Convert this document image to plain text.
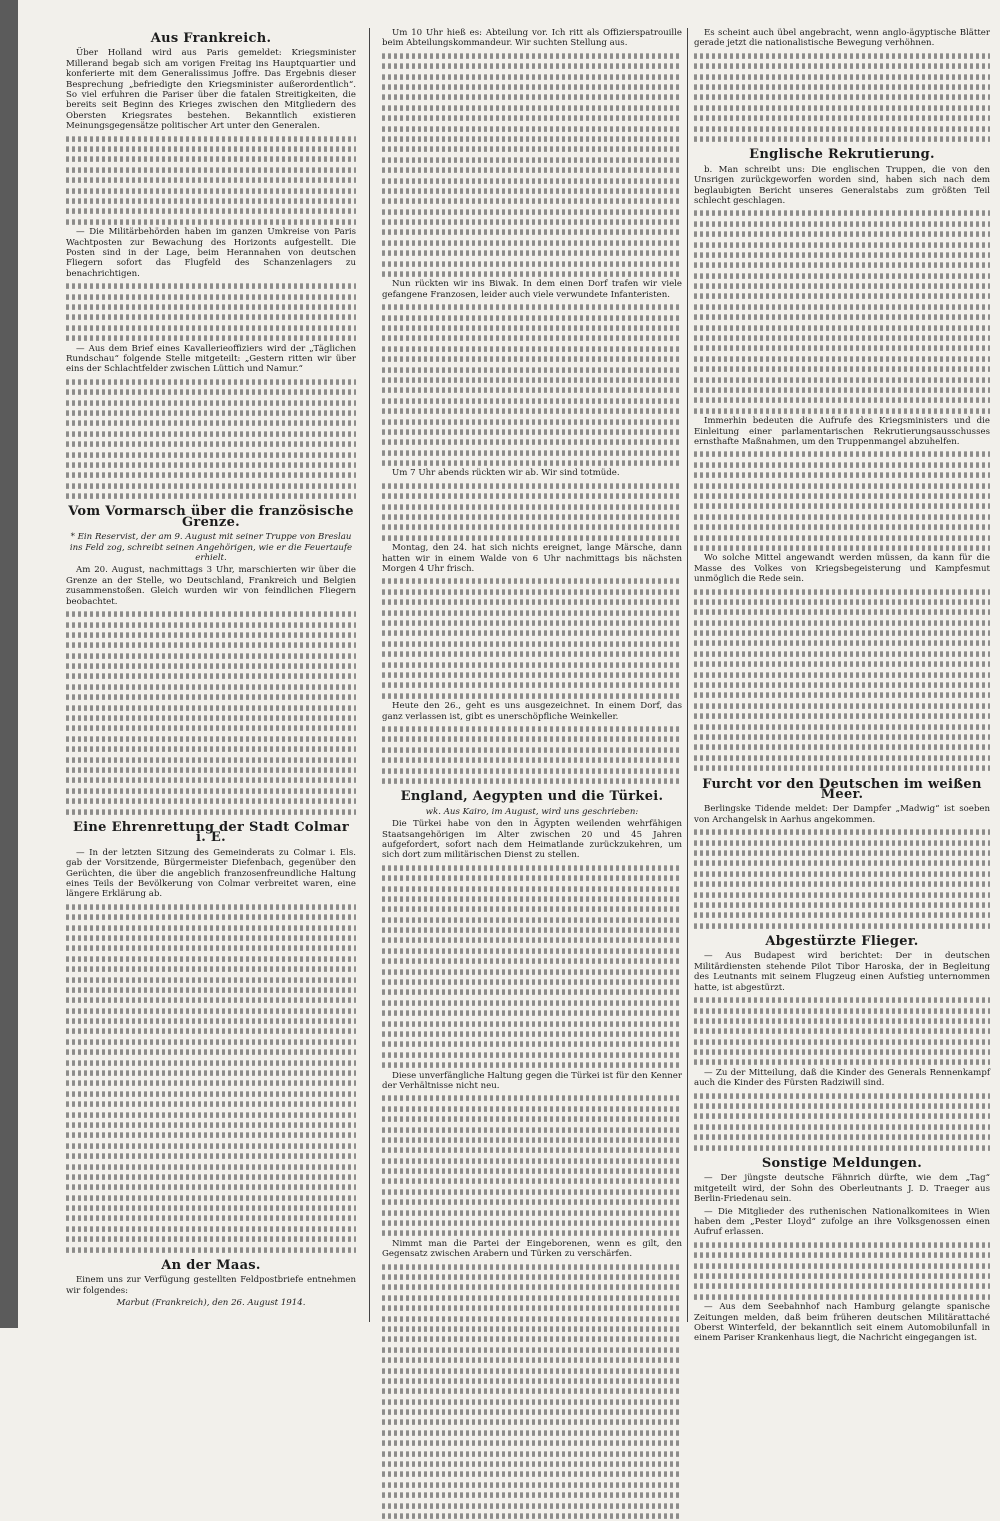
Aus Frankreich.

Über Holland wird aus Paris gemeldet: Kriegsminister Millerand begab sich am vorigen Freitag ins Hauptquartier und konferierte mit dem Generalissimus Joffre. Das Ergebnis dieser Besprechung „befriedigte den Kriegsminister außerordentlich“. So viel erfuhren die Pariser über die fatalen Streitigkeiten, die bereits seit Beginn des Krieges zwischen den Mitgliedern des Obersten Kriegsrates bestehen. Bekanntlich existieren Meinungsgegensätze politischer Art unter den Generalen.

— Die Militärbehörden haben im ganzen Umkreise von Paris Wachtposten zur Bewachung des Horizonts aufgestellt. Die Posten sind in der Lage, beim Herannahen von deutschen Fliegern sofort das Flugfeld des Schanzenlagers zu benachrichtigen.

— Aus dem Brief eines Kavallerieoffiziers wird der „Täglichen Rundschau“ folgende Stelle mitgeteilt: „Gestern ritten wir über eins der Schlachtfelder zwischen Lüttich und Namur.“

Vom Vormarsch über die französische Grenze.

* Ein Reservist, der am 9. August mit seiner Truppe von Breslau ins Feld zog, schreibt seinen Angehörigen, wie er die Feuertaufe erhielt.

Am 20. August, nachmittags 3 Uhr, marschierten wir über die Grenze an der Stelle, wo Deutschland, Frankreich und Belgien zusammenstoßen. Gleich wurden wir von feindlichen Fliegern beobachtet.

Eine Ehrenrettung der Stadt Colmar i. E.

— In der letzten Sitzung des Gemeinderats zu Colmar i. Els. gab der Vorsitzende, Bürgermeister Diefenbach, gegenüber den Gerüchten, die über die angeblich franzosenfreundliche Haltung eines Teils der Bevölkerung von Colmar verbreitet waren, eine längere Erklärung ab.

An der Maas.

Einem uns zur Verfügung gestellten Feldpostbriefe entnehmen wir folgendes:

Marbut (Frankreich), den 26. August 1914.

Um 10 Uhr hieß es: Abteilung vor. Ich ritt als Offizierspatrouille beim Abteilungskommandeur. Wir suchten Stellung aus.

Nun rückten wir ins Biwak. In dem einen Dorf trafen wir viele gefangene Franzosen, leider auch viele verwundete Infanteristen.

Um 7 Uhr abends rückten wir ab. Wir sind totmüde.

Montag, den 24. hat sich nichts ereignet, lange Märsche, dann hatten wir in einem Walde von 6 Uhr nachmittags bis nächsten Morgen 4 Uhr frisch.

Heute den 26., geht es uns ausgezeichnet. In einem Dorf, das ganz verlassen ist, gibt es unerschöpfliche Weinkeller.

England, Aegypten und die Türkei.

wk. Aus Kairo, im August, wird uns geschrieben:

Die Türkei habe von den in Ägypten weilenden wehrfähigen Staatsangehörigen im Alter zwischen 20 und 45 Jahren aufgefordert, sofort nach dem Heimatlande zurückzukehren, um sich dort zum militärischen Dienst zu stellen.

Diese unverfängliche Haltung gegen die Türkei ist für den Kenner der Verhältnisse nicht neu.

Nimmt man die Partei der Eingeborenen, wenn es gilt, den Gegensatz zwischen Arabern und Türken zu verschärfen.

Es scheint auch übel angebracht, wenn anglo-ägyptische Blätter gerade jetzt die nationalistische Bewegung verhöhnen.

Englische Rekrutierung.

b. Man schreibt uns: Die englischen Truppen, die von den Unsrigen zurückgeworfen worden sind, haben sich nach dem beglaubigten Bericht unseres Generalstabs zum größten Teil schlecht geschlagen.

Immerhin bedeuten die Aufrufe des Kriegsministers und die Einleitung einer parlamentarischen Rekrutierungsausschusses ernsthafte Maßnahmen, um den Truppenmangel abzuhelfen.

Wo solche Mittel angewandt werden müssen, da kann für die Masse des Volkes von Kriegsbegeisterung und Kampfesmut unmöglich die Rede sein.

Furcht vor den Deutschen im weißen Meer.

Berlingske Tidende meldet: Der Dampfer „Madwig“ ist soeben von Archangelsk in Aarhus angekommen.

Abgestürzte Flieger.

— Aus Budapest wird berichtet: Der in deutschen Militärdiensten stehende Pilot Tibor Haroska, der in Begleitung des Leutnants mit seinem Flugzeug einen Aufstieg unternommen hatte, ist abgestürzt.

— Zu der Mitteilung, daß die Kinder des Generals Rennenkampf auch die Kinder des Fürsten Radziwill sind.

Sonstige Meldungen.

— Der jüngste deutsche Fähnrich dürfte, wie dem „Tag“ mitgeteilt wird, der Sohn des Oberleutnants J. D. Traeger aus Berlin-Friedenau sein.

— Die Mitglieder des ruthenischen Nationalkomitees in Wien haben dem „Pester Lloyd“ zufolge an ihre Volksgenossen einen Aufruf erlassen.

— Aus dem Seebahnhof nach Hamburg gelangte spanische Zeitungen melden, daß beim früheren deutschen Militärattaché Oberst Winterfeld, der bekanntlich seit einem Automobilunfall in einem Pariser Krankenhaus liegt, die Nachricht eingegangen ist.
